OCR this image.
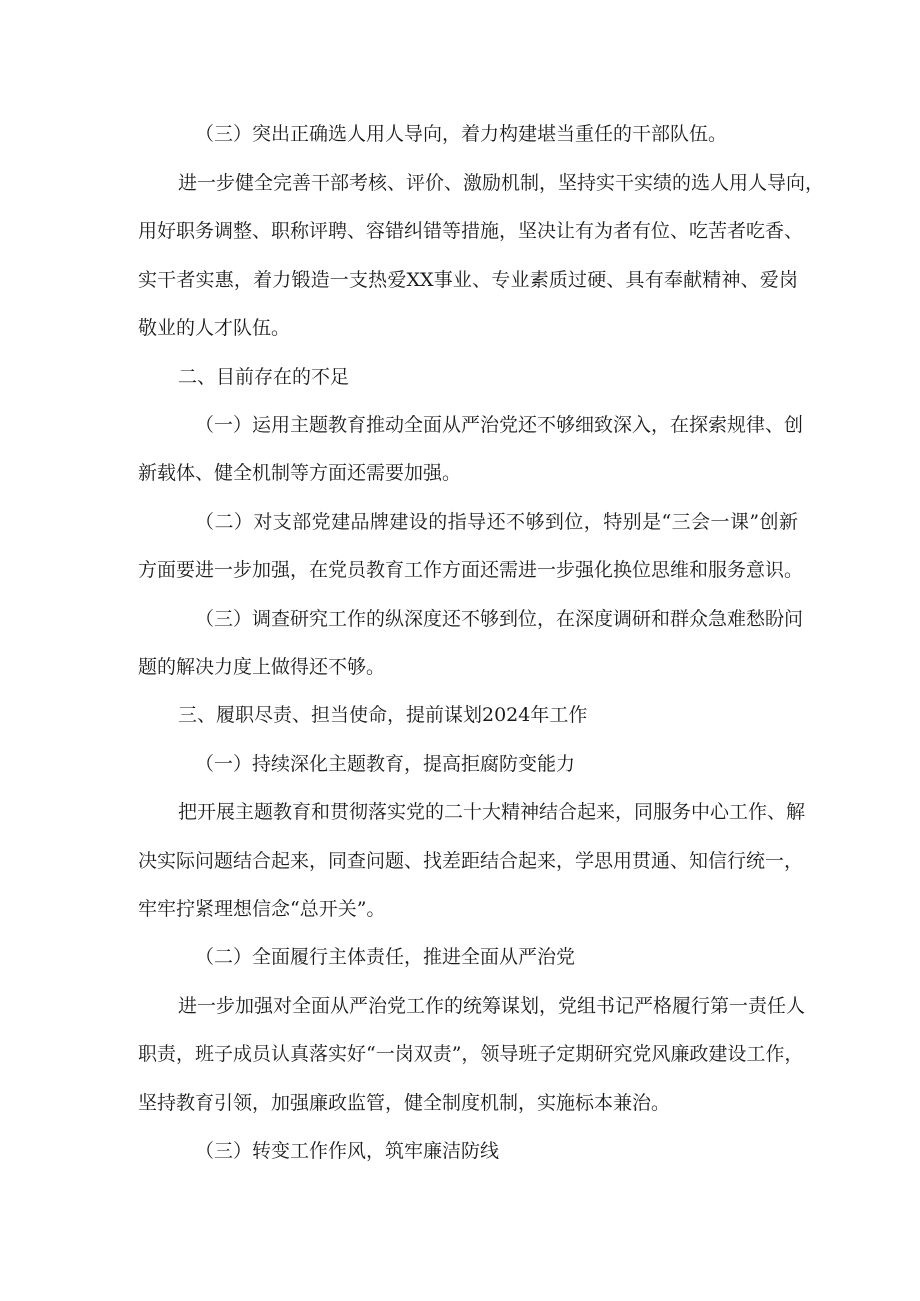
（三）突出正确选人用人导向，着力构建堪当重任的干部队伍。
进一步健全完善干部考核、评价、激励机制，坚持实干实绩的选人用人导向，
用好职务调整、职称评聘、容错纠错等措施，坚决让有为者有位、吃苦者吃香、
实干者实惠，着力锻造一支热爱XX事业、专业素质过硬、具有奉献精神、爱岗
敬业的人才队伍。
二、目前存在的不足
（一）运用主题教育推动全面从严治党还不够细致深入，在探索规律、创
新载体、健全机制等方面还需要加强。
（二）对支部党建品牌建设的指导还不够到位，特别是“三会一课”创新
方面要进一步加强，在党员教育工作方面还需进一步强化换位思维和服务意识。
（三）调查研究工作的纵深度还不够到位，在深度调研和群众急难愁盼问
题的解决力度上做得还不够。
三、履职尽责、担当使命，提前谋划2024年工作
（一）持续深化主题教育，提高拒腐防变能力
把开展主题教育和贯彻落实党的二十大精神结合起来，同服务中心工作、解
决实际问题结合起来，同查问题、找差距结合起来，学思用贯通、知信行统一，
牢牢拧紧理想信念“总开关”。
（二）全面履行主体责任，推进全面从严治党
进一步加强对全面从严治党工作的统筹谋划，党组书记严格履行第一责任人
职责，班子成员认真落实好“一岗双责”，领导班子定期研究党风廉政建设工作，
坚持教育引领，加强廉政监管，健全制度机制，实施标本兼治。
（三）转变工作作风，筑牢廉洁防线
